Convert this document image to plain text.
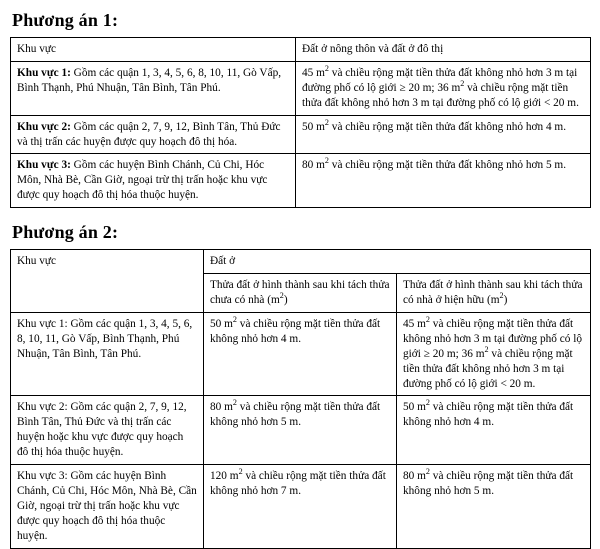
Phương án 1:
Khu vực	Đất ở nông thôn và đất ở đô thị
Khu vực 1: Gồm các quận 1, 3, 4, 5, 6, 8, 10, 11, Gò Vấp, Bình Thạnh, Phú Nhuận, Tân Bình, Tân Phú.	45 $m^2$ và chiều rộng mặt tiền thửa đất không nhỏ hơn 3 m tại đường phố có lộ giới ≥ 20 m; 36 $m^2$ và chiều rộng mặt tiền thửa đất không nhỏ hơn 3 m tại đường phố có lộ giới < 20 m.
Khu vực 2: Gồm các quận 2, 7, 9, 12, Bình Tân, Thủ Đức và thị trấn các huyện được quy hoạch đô thị hóa.	50 $m^2$ và chiều rộng mặt tiền thửa đất không nhỏ hơn 4 m.
Khu vực 3: Gồm các huyện Bình Chánh, Củ Chi, Hóc Môn, Nhà Bè, Cần Giờ, ngoại trừ thị trấn hoặc khu vực được quy hoạch đô thị hóa thuộc huyện.	80 $m^2$ và chiều rộng mặt tiền thửa đất không nhỏ hơn 5 m.
Phương án 2:
Khu vực	Đất ở	
	Thửa đất ở hình thành sau khi tách thửa chưa có nhà $(m^2)$	Thửa đất ở hình thành sau khi tách thửa có nhà ở hiện hữu $(m^2)$
Khu vực 1: Gồm các quận 1, 3, 4, 5, 6, 8, 10, 11, Gò Vấp, Bình Thạnh, Phú Nhuận, Tân Bình, Tân Phú.	50 $m^2$ và chiều rộng mặt tiền thửa đất không nhỏ hơn 4 m.	45 $m^2$ và chiều rộng mặt tiền thửa đất không nhỏ hơn 3 m tại đường phố có lộ giới ≥ 20 m; 36 $m^2$ và chiều rộng mặt tiền thửa đất không nhỏ hơn 3 m tại đường phố có lộ giới < 20 m.
Khu vực 2: Gồm các quận 2, 7, 9, 12, Bình Tân, Thủ Đức và thị trấn các huyện hoặc khu vực được quy hoạch đô thị hóa thuộc huyện.	80 $m^2$ và chiều rộng mặt tiền thửa đất không nhỏ hơn 5 m.	50 $m^2$ và chiều rộng mặt tiền thửa đất không nhỏ hơn 4 m.
Khu vực 3: Gồm các huyện Bình Chánh, Củ Chi, Hóc Môn, Nhà Bè, Cần Giờ, ngoại trừ thị trấn hoặc khu vực được quy hoạch đô thị hóa thuộc huyện.	120 $m^2$ và chiều rộng mặt tiền thửa đất không nhỏ hơn 7 m.	80 $m^2$ và chiều rộng mặt tiền thửa đất không nhỏ hơn 5 m.
